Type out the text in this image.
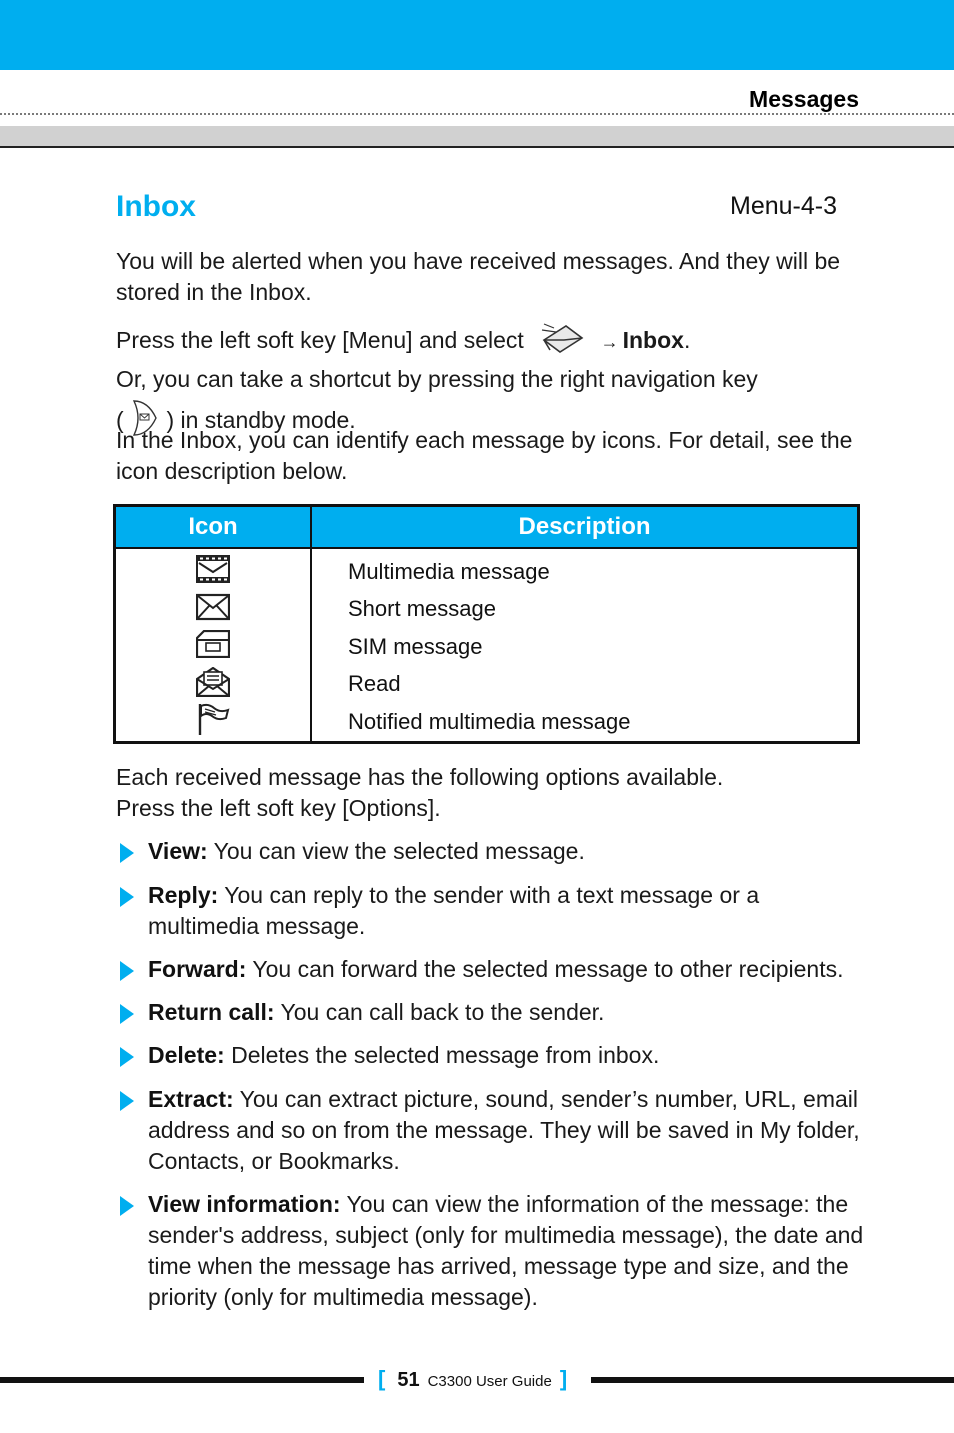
Messages
Inbox	Menu-4-3

You will be alerted when you have received messages. And they will be stored in the Inbox.

Press the left soft key [Menu] and select	→ Inbox.
Or, you can take a shortcut by pressing the right navigation key
( ) in standby mode.

In the Inbox, you can identify each message by icons. For detail, see the icon description below.

Icon	Description

Multimedia message
Short message
SIM message
Read
Notified multimedia message

Each received message has the following options available.
Press the left soft key [Options].

View: You can view the selected message.
Reply: You can reply to the sender with a text message or a multimedia message.
Forward: You can forward the selected message to other recipients.
Return call: You can call back to the sender.
Delete: Deletes the selected message from inbox.
Extract: You can extract picture, sound, sender’s number, URL, email address and so on from the message. They will be saved in My folder, Contacts, or Bookmarks.
View information: You can view the information of the message: the sender's address, subject (only for multimedia message), the date and time when the message has arrived, message type and size, and the priority (only for multimedia message).
[ 51 C3300 User Guide ]
